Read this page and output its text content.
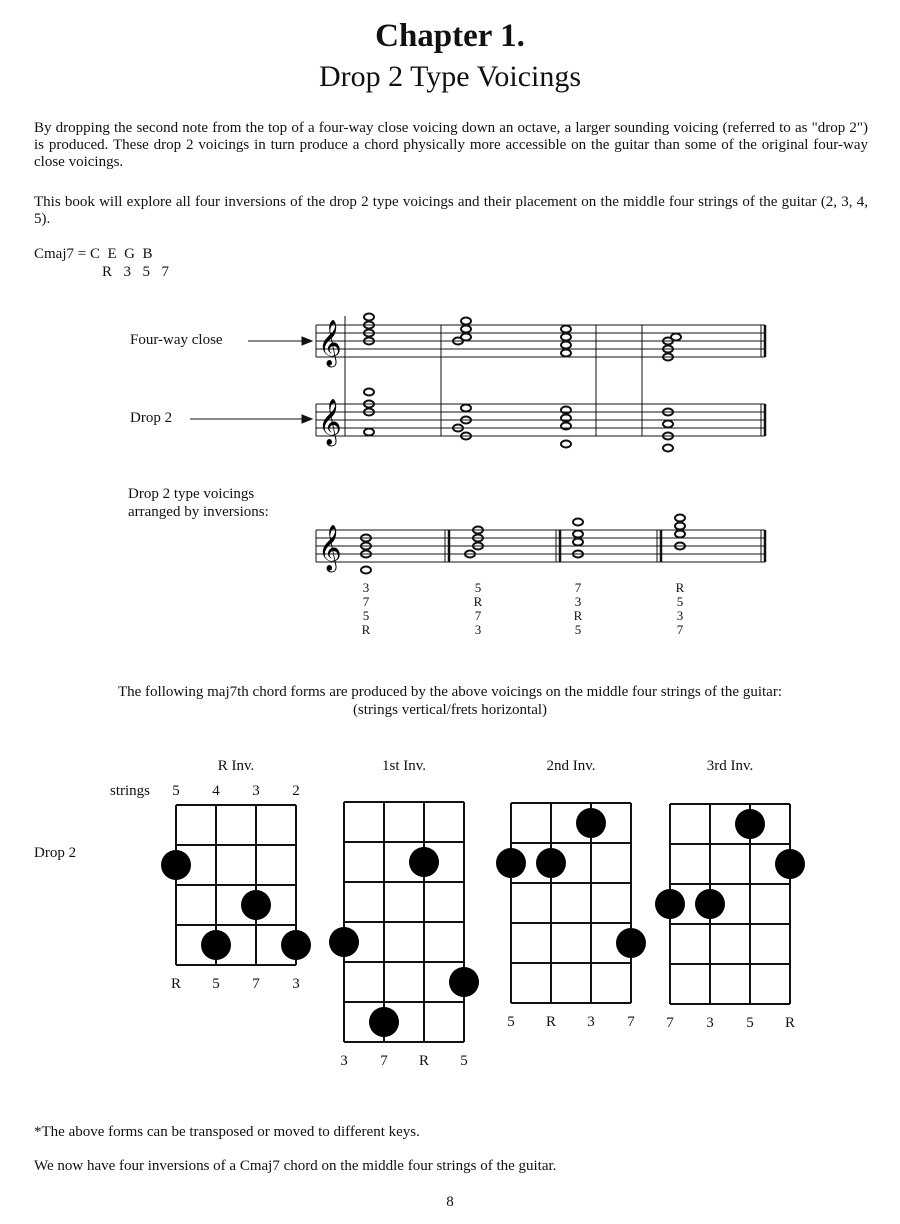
Chapter 1.
Drop 2 Type Voicings
By dropping the second note from the top of a four-way close voicing down an octave, a larger sounding voicing (referred to as "drop 2") is produced. These drop 2 voicings in turn produce a chord physically more accessible on the guitar than some of the original four-way close voicings.
This book will explore all four inversions of the drop 2 type voicings and their placement on the middle four strings of the guitar (2, 3, 4, 5).
Cmaj7 = C  E  G  B
R  3  5  7
Four-way close
Drop 2
Drop 2 type voicings
arranged by inversions:
𝄞
𝄞
𝄞
3
7
5
R
5
R
7
3
7
3
R
5
R
5
3
7
The following maj7th chord forms are produced by the above voicings on the middle four strings of the guitar:
(strings vertical/frets horizontal)
Drop 2
strings 5 4 3 2
R Inv.
R 5 7 3
1st Inv.
3 7 R 5
2nd Inv.
5 R 3 7
3rd Inv.
7 3 5 R
*The above forms can be transposed or moved to different keys.
We now have four inversions of a Cmaj7 chord on the middle four strings of the guitar.
8
